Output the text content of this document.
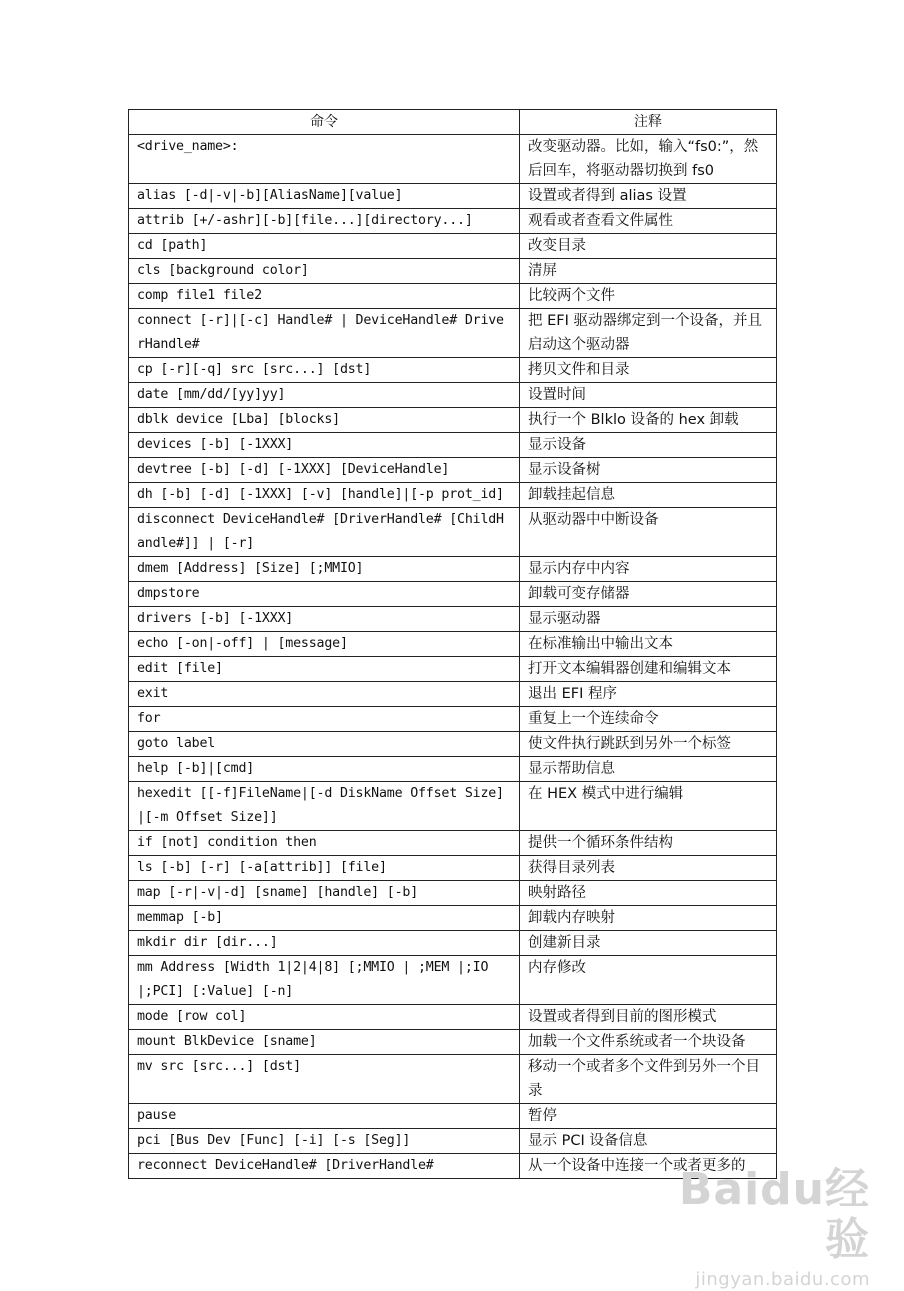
命令	注释
<drive_name>:	改变驱动器。比如，输入“fs0:”，然后回车，将驱动器切换到 fs0
alias [-d|-v|-b][AliasName][value]	设置或者得到 alias 设置
attrib [+/-ashr][-b][file...][directory...]	观看或者查看文件属性
cd [path]	改变目录
cls [background color]	清屏
comp file1 file2	比较两个文件
connect [-r]|[-c] Handle# | DeviceHandle# DriverHandle#	把 EFI 驱动器绑定到一个设备，并且启动这个驱动器
cp [-r][-q] src [src...] [dst]	拷贝文件和目录
date [mm/dd/[yy]yy]	设置时间
dblk device [Lba] [blocks]	执行一个 Blklo 设备的 hex 卸载
devices [-b] [-1XXX]	显示设备
devtree [-b] [-d] [-1XXX] [DeviceHandle]	显示设备树
dh [-b] [-d] [-1XXX] [-v] [handle]|[-p prot_id]	卸载挂起信息
disconnect DeviceHandle# [DriverHandle# [ChildHandle#]] | [-r]	从驱动器中中断设备
dmem [Address] [Size] [;MMIO]	显示内存中内容
dmpstore	卸载可变存储器
drivers [-b] [-1XXX]	显示驱动器
echo [-on|-off] | [message]	在标准输出中输出文本
edit [file]	打开文本编辑器创建和编辑文本
exit	退出 EFI 程序
for	重复上一个连续命令
goto label	使文件执行跳跃到另外一个标签
help [-b]|[cmd]	显示帮助信息
hexedit [[-f]FileName|[-d DiskName Offset Size]|[-m Offset Size]]	在 HEX 模式中进行编辑
if [not] condition then	提供一个循环条件结构
ls [-b] [-r] [-a[attrib]] [file]	获得目录列表
map [-r|-v|-d] [sname] [handle] [-b]	映射路径
memmap [-b]	卸载内存映射
mkdir dir [dir...]	创建新目录
mm Address [Width 1|2|4|8] [;MMIO | ;MEM |;IO |;PCI] [:Value] [-n]	内存修改
mode [row col]	设置或者得到目前的图形模式
mount BlkDevice [sname]	加载一个文件系统或者一个块设备
mv src [src...] [dst]	移动一个或者多个文件到另外一个目录
pause	暂停
pci [Bus Dev [Func] [-i] [-s [Seg]]	显示 PCI 设备信息
reconnect DeviceHandle# [DriverHandle#	从一个设备中连接一个或者更多的
Baidu经验
jingyan.baidu.com
